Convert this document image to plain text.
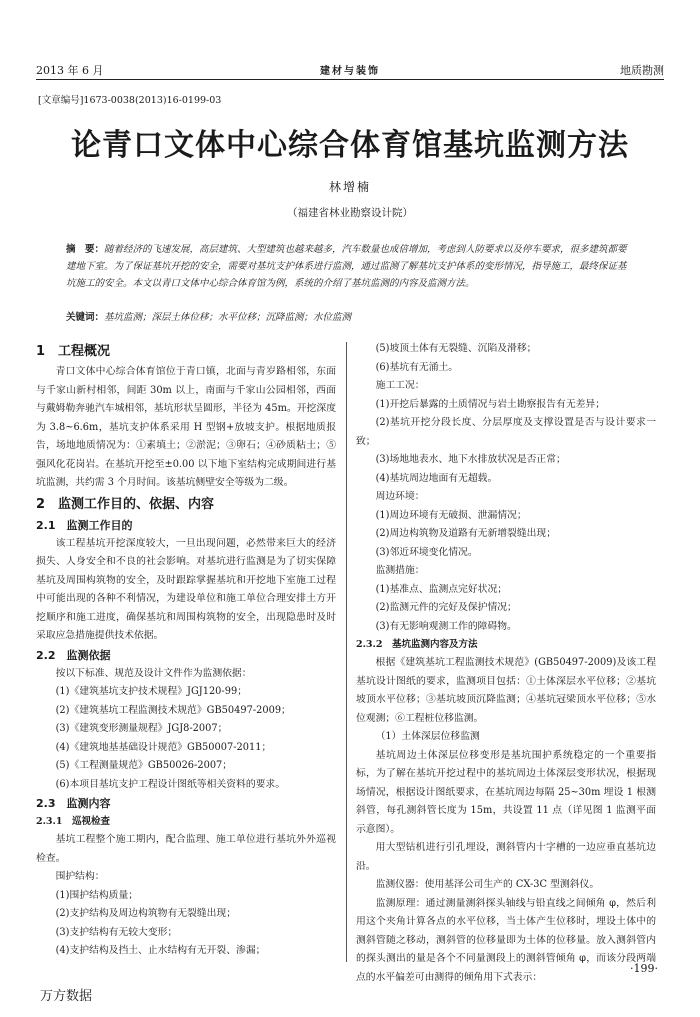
2013 年 6 月	建材与装饰	地质勘测
[文章编号]1673-0038(2013)16-0199-03
论青口文体中心综合体育馆基坑监测方法
林增楠
（福建省林业勘察设计院）
摘　要：随着经济的飞速发展，高层建筑、大型建筑也越来越多，汽车数量也成倍增加，考虑到人防要求以及停车要求，很多建筑都要建地下室。为了保证基坑开挖的安全，需要对基坑支护体系进行监测，通过监测了解基坑支护体系的变形情况，指导施工，最终保证基坑施工的安全。本文以青口文体中心综合体育馆为例，系统的介绍了基坑监测的内容及监测方法。
关键词：基坑监测；深层土体位移；水平位移；沉降监测；水位监测
1　工程概况
青口文体中心综合体育馆位于青口镇，北面与青岁路相邻，东面与千家山新村相邻，间距 30m 以上，南面与千家山公园相邻，西面与戴姆勒奔驰汽车城相邻，基坑形状呈圆形，半径为 45m。开挖深度为 3.8~6.6m，基坑支护体系采用 H 型钢+放坡支护。根据地质报告，场地地质情况为：①素填土；②淤泥；③卵石；④砂质粘土；⑤强风化花岗岩。在基坑开挖至±0.00 以下地下室结构完成期间进行基坑监测，共约需 3 个月时间。该基坑侧壁安全等级为二级。
2　监测工作目的、依据、内容
2.1　监测工作目的
该工程基坑开挖深度较大，一旦出现问题，必然带来巨大的经济损失、人身安全和不良的社会影响。对基坑进行监测是为了切实保障基坑及周围构筑物的安全，及时跟踪掌握基坑和开挖地下室施工过程中可能出现的各种不利情况，为建设单位和施工单位合理安排土方开挖顺序和施工进度，确保基坑和周围构筑物的安全，出现隐患时及时采取应急措施提供技术依据。
2.2　监测依据
按以下标准、规范及设计文件作为监测依据：
(1)《建筑基坑支护技术规程》JGJ120-99；
(2)《建筑基坑工程监测技术规范》GB50497-2009；
(3)《建筑变形测量规程》JGJ8-2007；
(4)《建筑地基基础设计规范》GB50007-2011；
(5)《工程测量规范》GB50026-2007；
(6)本项目基坑支护工程设计图纸等相关资料的要求。
2.3　监测内容
2.3.1　巡视检查
基坑工程整个施工期内，配合监理、施工单位进行基坑外外巡视检查。
围护结构：
(1)围护结构质量；
(2)支护结构及周边构筑物有无裂缝出现；
(3)支护结构有无较大变形；
(4)支护结构及挡土、止水结构有无开裂、渗漏；
(5)坡顶土体有无裂缝、沉陷及滑移；
(6)基坑有无涌土。
施工工况：
(1)开挖后暴露的土质情况与岩土勘察报告有无差异；
(2)基坑开挖分段长度、分层厚度及支撑设置是否与设计要求一致；
(3)场地地表水、地下水排放状况是否正常；
(4)基坑周边地面有无超载。
周边环境：
(1)周边环境有无破损、泄漏情况；
(2)周边构筑物及道路有无新增裂缝出现；
(3)邻近环境变化情况。
监测措施：
(1)基准点、监测点完好状况；
(2)监测元件的完好及保护情况；
(3)有无影响观测工作的障碍物。
2.3.2　基坑监测内容及方法
根据《建筑基坑工程监测技术规范》(GB50497-2009)及该工程基坑设计图纸的要求，监测项目包括：①土体深层水平位移；②基坑坡顶水平位移；③基坑坡顶沉降监测；④基坑冠梁顶水平位移；⑤水位观测；⑥工程桩位移监测。
（1）土体深层位移监测
基坑周边土体深层位移变形是基坑围护系统稳定的一个重要指标，为了解在基坑开挖过程中的基坑周边土体深层变形状况，根据现场情况，根据设计图纸要求，在基坑周边每隔 25~30m 埋设 1 根测斜管，每孔测斜管长度为 15m，共设置 11 点（详见图 1 监测平面示意图）。
用大型钻机进行引孔埋设，测斜管内十字槽的一边应垂直基坑边沿。
监测仪器：使用基泽公司生产的 CX-3C 型测斜仪。
监测原理：通过测量测斜探头轴线与铅直线之间倾角 φ，然后利用这个夹角计算各点的水平位移，当土体产生位移时，埋设土体中的测斜管随之移动，测斜管的位移量即为土体的位移量。放入测斜管内的探头测出的量是各个不同量测段上的测斜管倾角 φ，而该分段两端点的水平偏差可由测得的倾角用下式表示：
·199·
万方数据
